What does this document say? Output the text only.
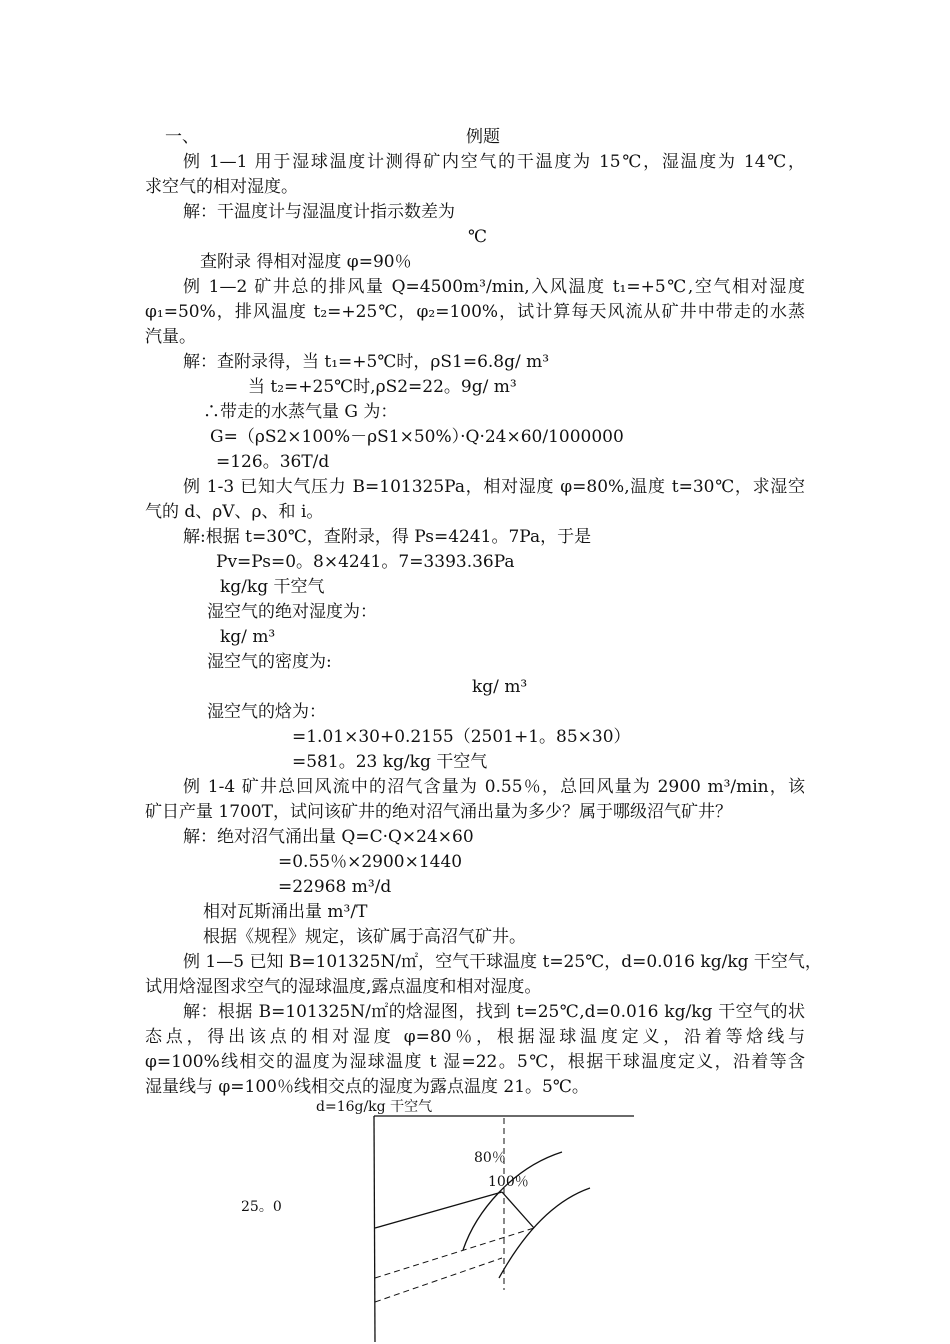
一、	例题
例 1—1 用于湿球温度计测得矿内空气的干温度为 15℃，湿温度为 14℃，
求空气的相对湿度。
解：干温度计与湿温度计指示数差为
℃
查附录 得相对湿度 φ=90％
例 1—2 矿井总的排风量 Q=4500m³/min,入风温度 t₁=+5℃,空气相对湿度
φ₁=50%，排风温度 t₂=+25℃，φ₂=100%，试计算每天风流从矿井中带走的水蒸
汽量。
解：查附录得，当 t₁=+5℃时，ρS1=6.8g/ m³
当 t₂=+25℃时,ρS2=22。9g/ m³
∴带走的水蒸气量 G 为：
G=（ρS2×100%－ρS1×50%）·Q·24×60/1000000
=126。36T/d
例 1-3 已知大气压力 B=101325Pa，相对湿度 φ=80%,温度 t=30℃，求湿空
气的 d、ρV、ρ、和 i。
解:根据 t=30℃，查附录，得 Ps=4241。7Pa，于是
Pv=Ps=0。8×4241。7=3393.36Pa
kg/kg 干空气
湿空气的绝对湿度为：
kg/ m³
湿空气的密度为:
kg/ m³
湿空气的焓为：
=1.01×30+0.2155（2501+1。85×30）
=581。23 kg/kg 干空气
例 1-4 矿井总回风流中的沼气含量为 0.55％，总回风量为 2900 m³/min，该
矿日产量 1700T，试问该矿井的绝对沼气涌出量为多少？属于哪级沼气矿井？
解：绝对沼气涌出量 Q=C·Q×24×60
=0.55％×2900×1440
=22968 m³/d
相对瓦斯涌出量 m³/T
根据《规程》规定，该矿属于高沼气矿井。
例 1—5 已知 B=101325N/㎡，空气干球温度 t=25℃，d=0.016 kg/kg 干空气，
试用焓湿图求空气的湿球温度,露点温度和相对湿度。
解：根据 B=101325N/㎡的焓湿图，找到 t=25℃,d=0.016 kg/kg 干空气的状
态点，得出该点的相对湿度 φ=80％，根据湿球温度定义，沿着等焓线与
φ=100%线相交的温度为湿球温度 t 湿=22。5℃，根据干球温度定义，沿着等含
湿量线与 φ=100％线相交点的湿度为露点温度 21。5℃。
d=16g/kg 干空气
80％
100％
25。0
